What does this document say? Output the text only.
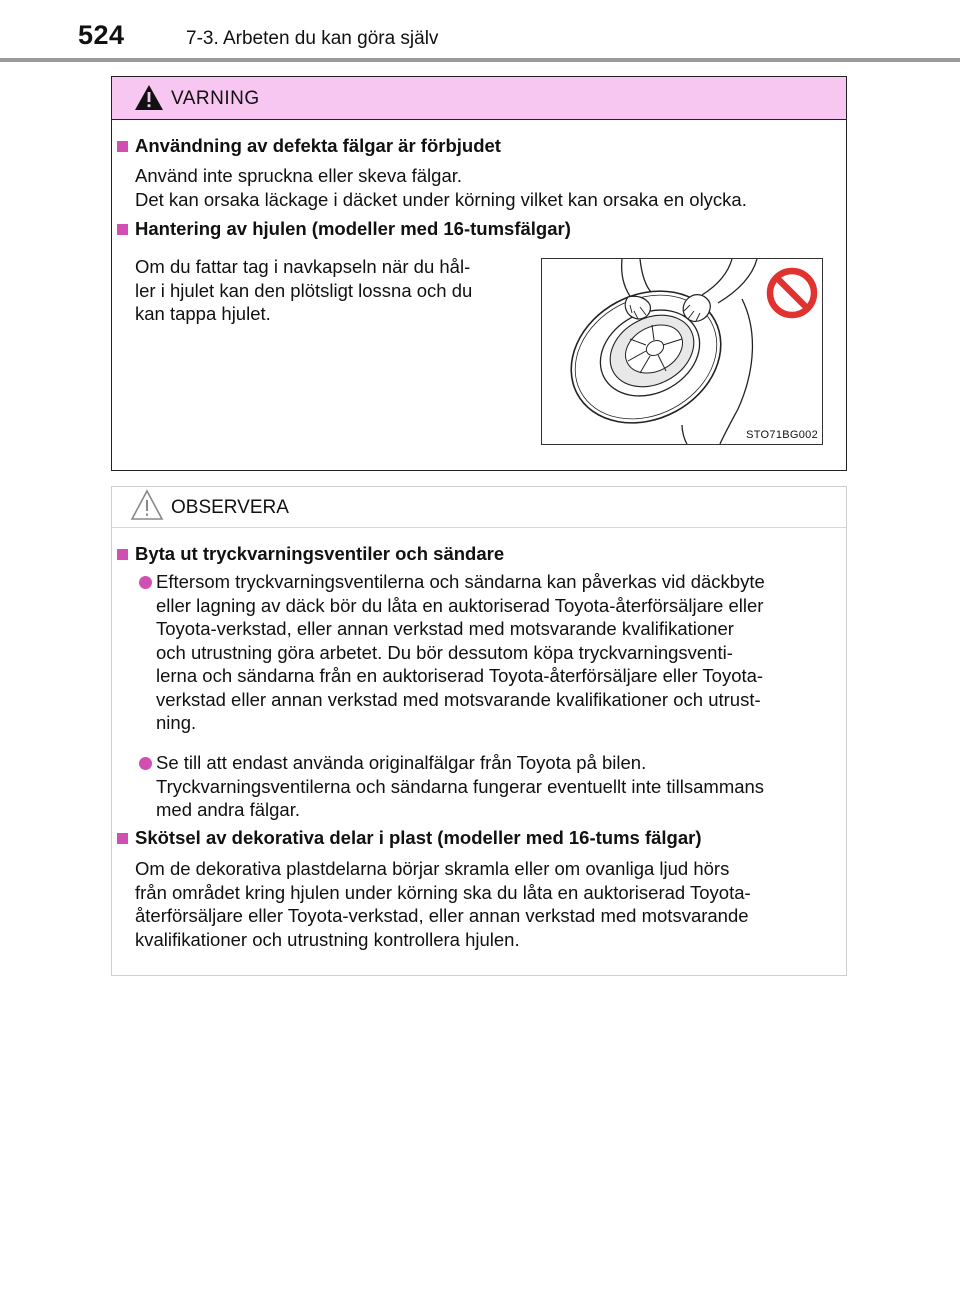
524	7-3. Arbeten du kan göra själv
VARNING
Användning av defekta fälgar är förbjudet
Använd inte spruckna eller skeva fälgar.
Det kan orsaka läckage i däcket under körning vilket kan orsaka en olycka.
Hantering av hjulen (modeller med 16-tumsfälgar)
Om du fattar tag i navkapseln när du hål-
ler i hjulet kan den plötsligt lossna och du
kan tappa hjulet.
STO71BG002
OBSERVERA
Byta ut tryckvarningsventiler och sändare
Eftersom tryckvarningsventilerna och sändarna kan påverkas vid däckbyte
eller lagning av däck bör du låta en auktoriserad Toyota-återförsäljare eller
Toyota-verkstad, eller annan verkstad med motsvarande kvalifikationer
och utrustning göra arbetet. Du bör dessutom köpa tryckvarningsventi-
lerna och sändarna från en auktoriserad Toyota-återförsäljare eller Toyota-
verkstad eller annan verkstad med motsvarande kvalifikationer och utrust-
ning.
Se till att endast använda originalfälgar från Toyota på bilen.
Tryckvarningsventilerna och sändarna fungerar eventuellt inte tillsammans
med andra fälgar.
Skötsel av dekorativa delar i plast (modeller med 16-tums fälgar)
Om de dekorativa plastdelarna börjar skramla eller om ovanliga ljud hörs
från området kring hjulen under körning ska du låta en auktoriserad Toyota-
återförsäljare eller Toyota-verkstad, eller annan verkstad med motsvarande
kvalifikationer och utrustning kontrollera hjulen.
